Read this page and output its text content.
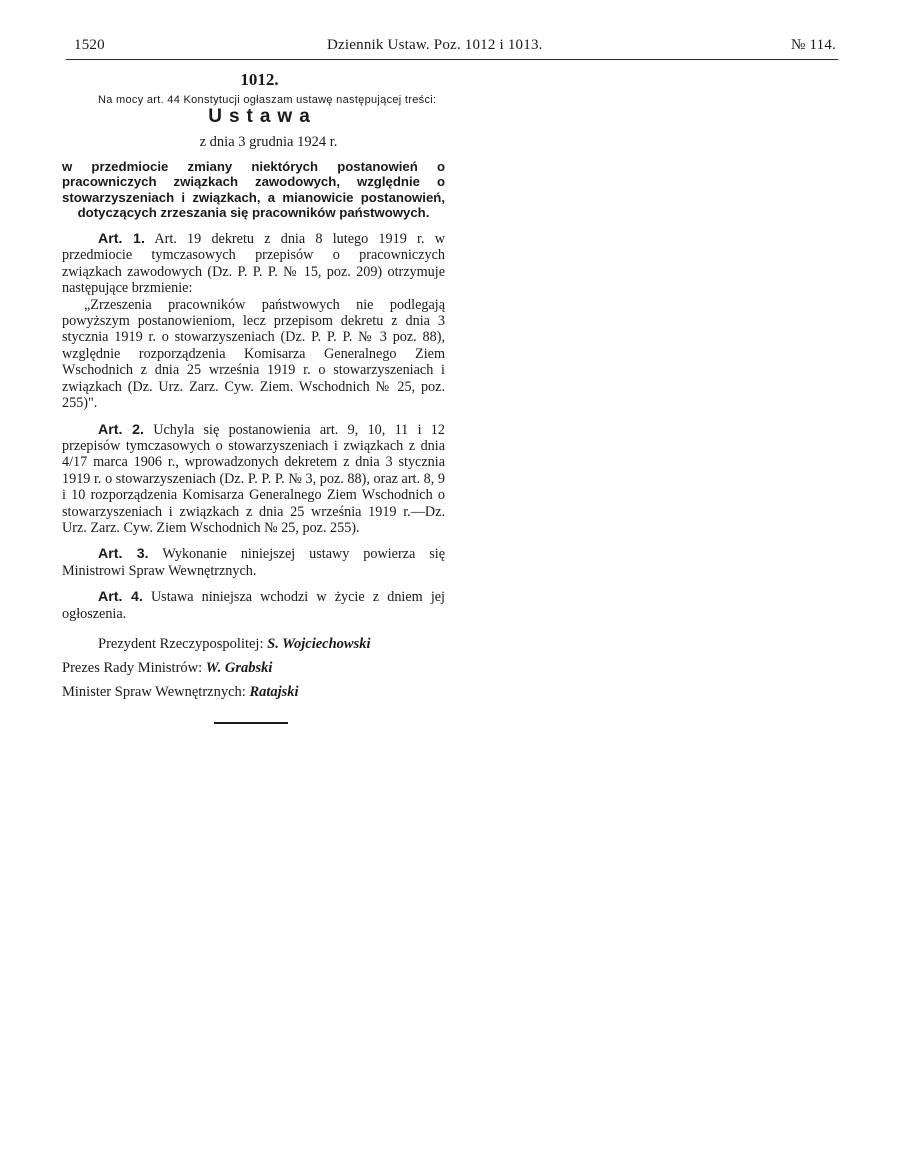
1520	Dziennik Ustaw. Poz. 1012 i 1013.	№ 114.
1012.

Na mocy art. 44 Konstytucji ogłaszam ustawę następującej treści:

Ustawa
z dnia 3 grudnia 1924 r.

w przedmiocie zmiany niektórych postanowień o pracowniczych związkach zawodowych, względnie o stowarzyszeniach i związkach, a mianowicie postanowień, dotyczących zrzeszania się pracowników państwowych.

Art. 1. Art. 19 dekretu z dnia 8 lutego 1919 r. w przedmiocie tymczasowych przepisów o pracowniczych związkach zawodowych (Dz. P. P. P. № 15, poz. 209) otrzymuje następujące brzmienie:

„Zrzeszenia pracowników państwowych nie podlegają powyższym postanowieniom, lecz przepisom dekretu z dnia 3 stycznia 1919 r. o stowarzyszeniach (Dz. P. P. P. № 3 poz. 88), względnie rozporządzenia Komisarza Generalnego Ziem Wschodnich z dnia 25 września 1919 r. o stowarzyszeniach i związkach (Dz. Urz. Zarz. Cyw. Ziem. Wschodnich № 25, poz. 255)".

Art. 2. Uchyla się postanowienia art. 9, 10, 11 i 12 przepisów tymczasowych o stowarzyszeniach i związkach z dnia 4/17 marca 1906 r., wprowadzonych dekretem z dnia 3 stycznia 1919 r. o stowarzyszeniach (Dz. P. P. P. № 3, poz. 88), oraz art. 8, 9 i 10 rozporządzenia Komisarza Generalnego Ziem Wschodnich o stowarzyszeniach i związkach z dnia 25 września 1919 r.—Dz. Urz. Zarz. Cyw. Ziem Wschodnich № 25, poz. 255).

Art. 3. Wykonanie niniejszej ustawy powierza się Ministrowi Spraw Wewnętrznych.

Art. 4. Ustawa niniejsza wchodzi w życie z dniem jej ogłoszenia.

Prezydent Rzeczypospolitej: S. Wojciechowski

Prezes Rady Ministrów: W. Grabski

Minister Spraw Wewnętrznych: Ratajski
